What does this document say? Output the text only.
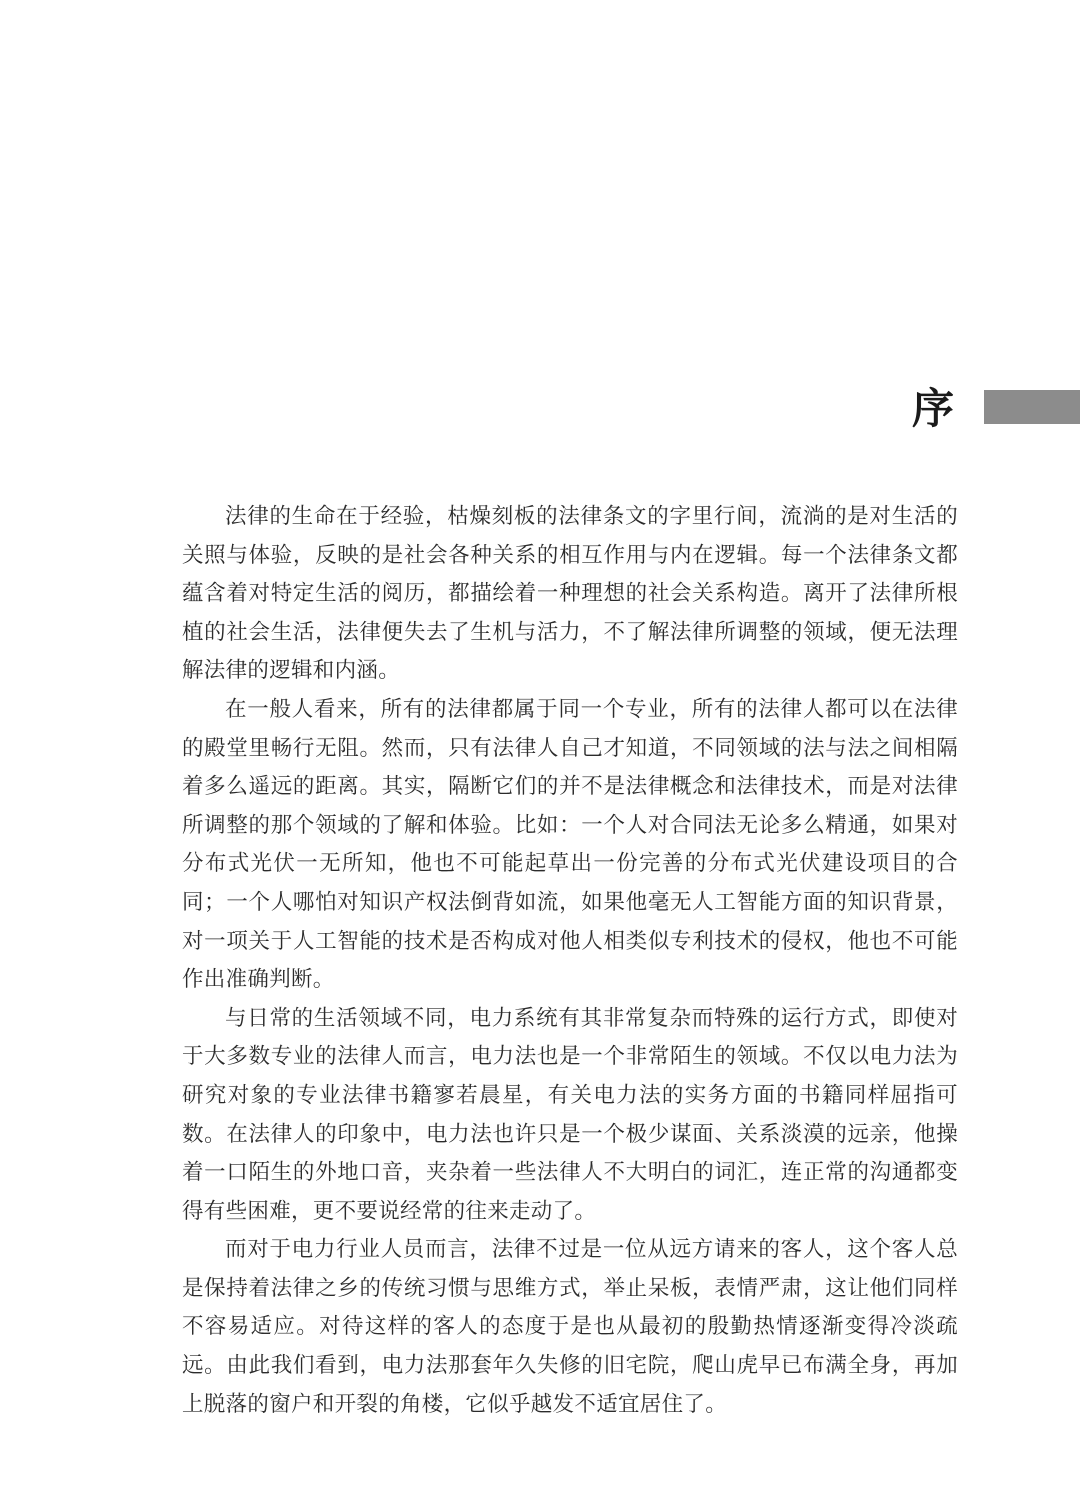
序

法律的生命在于经验，枯燥刻板的法律条文的字里行间，流淌的是对生活的关照与体验，反映的是社会各种关系的相互作用与内在逻辑。每一个法律条文都蕴含着对特定生活的阅历，都描绘着一种理想的社会关系构造。离开了法律所根植的社会生活，法律便失去了生机与活力，不了解法律所调整的领域，便无法理解法律的逻辑和内涵。

在一般人看来，所有的法律都属于同一个专业，所有的法律人都可以在法律的殿堂里畅行无阻。然而，只有法律人自己才知道，不同领域的法与法之间相隔着多么遥远的距离。其实，隔断它们的并不是法律概念和法律技术，而是对法律所调整的那个领域的了解和体验。比如：一个人对合同法无论多么精通，如果对分布式光伏一无所知，他也不可能起草出一份完善的分布式光伏建设项目的合同；一个人哪怕对知识产权法倒背如流，如果他毫无人工智能方面的知识背景，对一项关于人工智能的技术是否构成对他人相类似专利技术的侵权，他也不可能作出准确判断。

与日常的生活领域不同，电力系统有其非常复杂而特殊的运行方式，即使对于大多数专业的法律人而言，电力法也是一个非常陌生的领域。不仅以电力法为研究对象的专业法律书籍寥若晨星，有关电力法的实务方面的书籍同样屈指可数。在法律人的印象中，电力法也许只是一个极少谋面、关系淡漠的远亲，他操着一口陌生的外地口音，夹杂着一些法律人不大明白的词汇，连正常的沟通都变得有些困难，更不要说经常的往来走动了。

而对于电力行业人员而言，法律不过是一位从远方请来的客人，这个客人总是保持着法律之乡的传统习惯与思维方式，举止呆板，表情严肃，这让他们同样不容易适应。对待这样的客人的态度于是也从最初的殷勤热情逐渐变得冷淡疏远。由此我们看到，电力法那套年久失修的旧宅院，爬山虎早已布满全身，再加上脱落的窗户和开裂的角楼，它似乎越发不适宜居住了。
